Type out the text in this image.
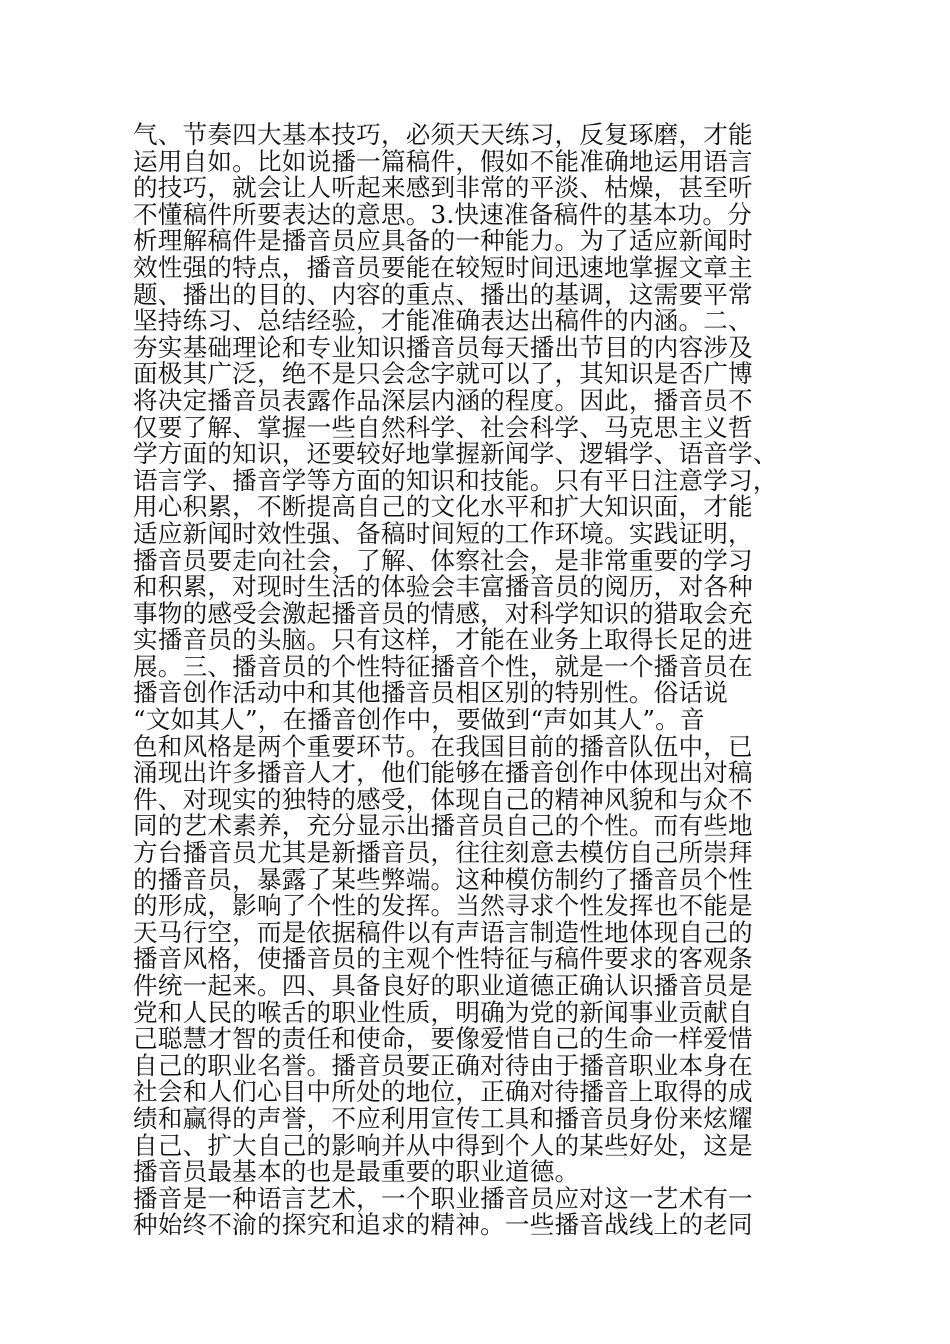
气、节奏四大基本技巧，必须天天练习，反复琢磨，才能
运用自如。比如说播一篇稿件，假如不能准确地运用语言
的技巧，就会让人听起来感到非常的平淡、枯燥，甚至听
不懂稿件所要表达的意思。3.快速准备稿件的基本功。分
析理解稿件是播音员应具备的一种能力。为了适应新闻时
效性强的特点，播音员要能在较短时间迅速地掌握文章主
题、播出的目的、内容的重点、播出的基调，这需要平常
坚持练习、总结经验，才能准确表达出稿件的内涵。二、
夯实基础理论和专业知识播音员每天播出节目的内容涉及
面极其广泛，绝不是只会念字就可以了，其知识是否广博
将决定播音员表露作品深层内涵的程度。因此，播音员不
仅要了解、掌握一些自然科学、社会科学、马克思主义哲
学方面的知识，还要较好地掌握新闻学、逻辑学、语音学、
语言学、播音学等方面的知识和技能。只有平日注意学习，
用心积累，不断提高自己的文化水平和扩大知识面，才能
适应新闻时效性强、备稿时间短的工作环境。实践证明，
播音员要走向社会，了解、体察社会，是非常重要的学习
和积累，对现时生活的体验会丰富播音员的阅历，对各种
事物的感受会激起播音员的情感，对科学知识的猎取会充
实播音员的头脑。只有这样，才能在业务上取得长足的进
展。三、播音员的个性特征播音个性，就是一个播音员在
播音创作活动中和其他播音员相区别的特别性。俗话说
“文如其人”，在播音创作中，要做到“声如其人”。音
色和风格是两个重要环节。在我国目前的播音队伍中，已
涌现出许多播音人才，他们能够在播音创作中体现出对稿
件、对现实的独特的感受，体现自己的精神风貌和与众不
同的艺术素养，充分显示出播音员自己的个性。而有些地
方台播音员尤其是新播音员，往往刻意去模仿自己所崇拜
的播音员，暴露了某些弊端。这种模仿制约了播音员个性
的形成，影响了个性的发挥。当然寻求个性发挥也不能是
天马行空，而是依据稿件以有声语言制造性地体现自己的
播音风格，使播音员的主观个性特征与稿件要求的客观条
件统一起来。四、具备良好的职业道德正确认识播音员是
党和人民的喉舌的职业性质，明确为党的新闻事业贡献自
己聪慧才智的责任和使命，要像爱惜自己的生命一样爱惜
自己的职业名誉。播音员要正确对待由于播音职业本身在
社会和人们心目中所处的地位，正确对待播音上取得的成
绩和赢得的声誉，不应利用宣传工具和播音员身份来炫耀
自己、扩大自己的影响并从中得到个人的某些好处，这是
播音员最基本的也是最重要的职业道德。
播音是一种语言艺术，一个职业播音员应对这一艺术有一
种始终不渝的探究和追求的精神。一些播音战线上的老同
